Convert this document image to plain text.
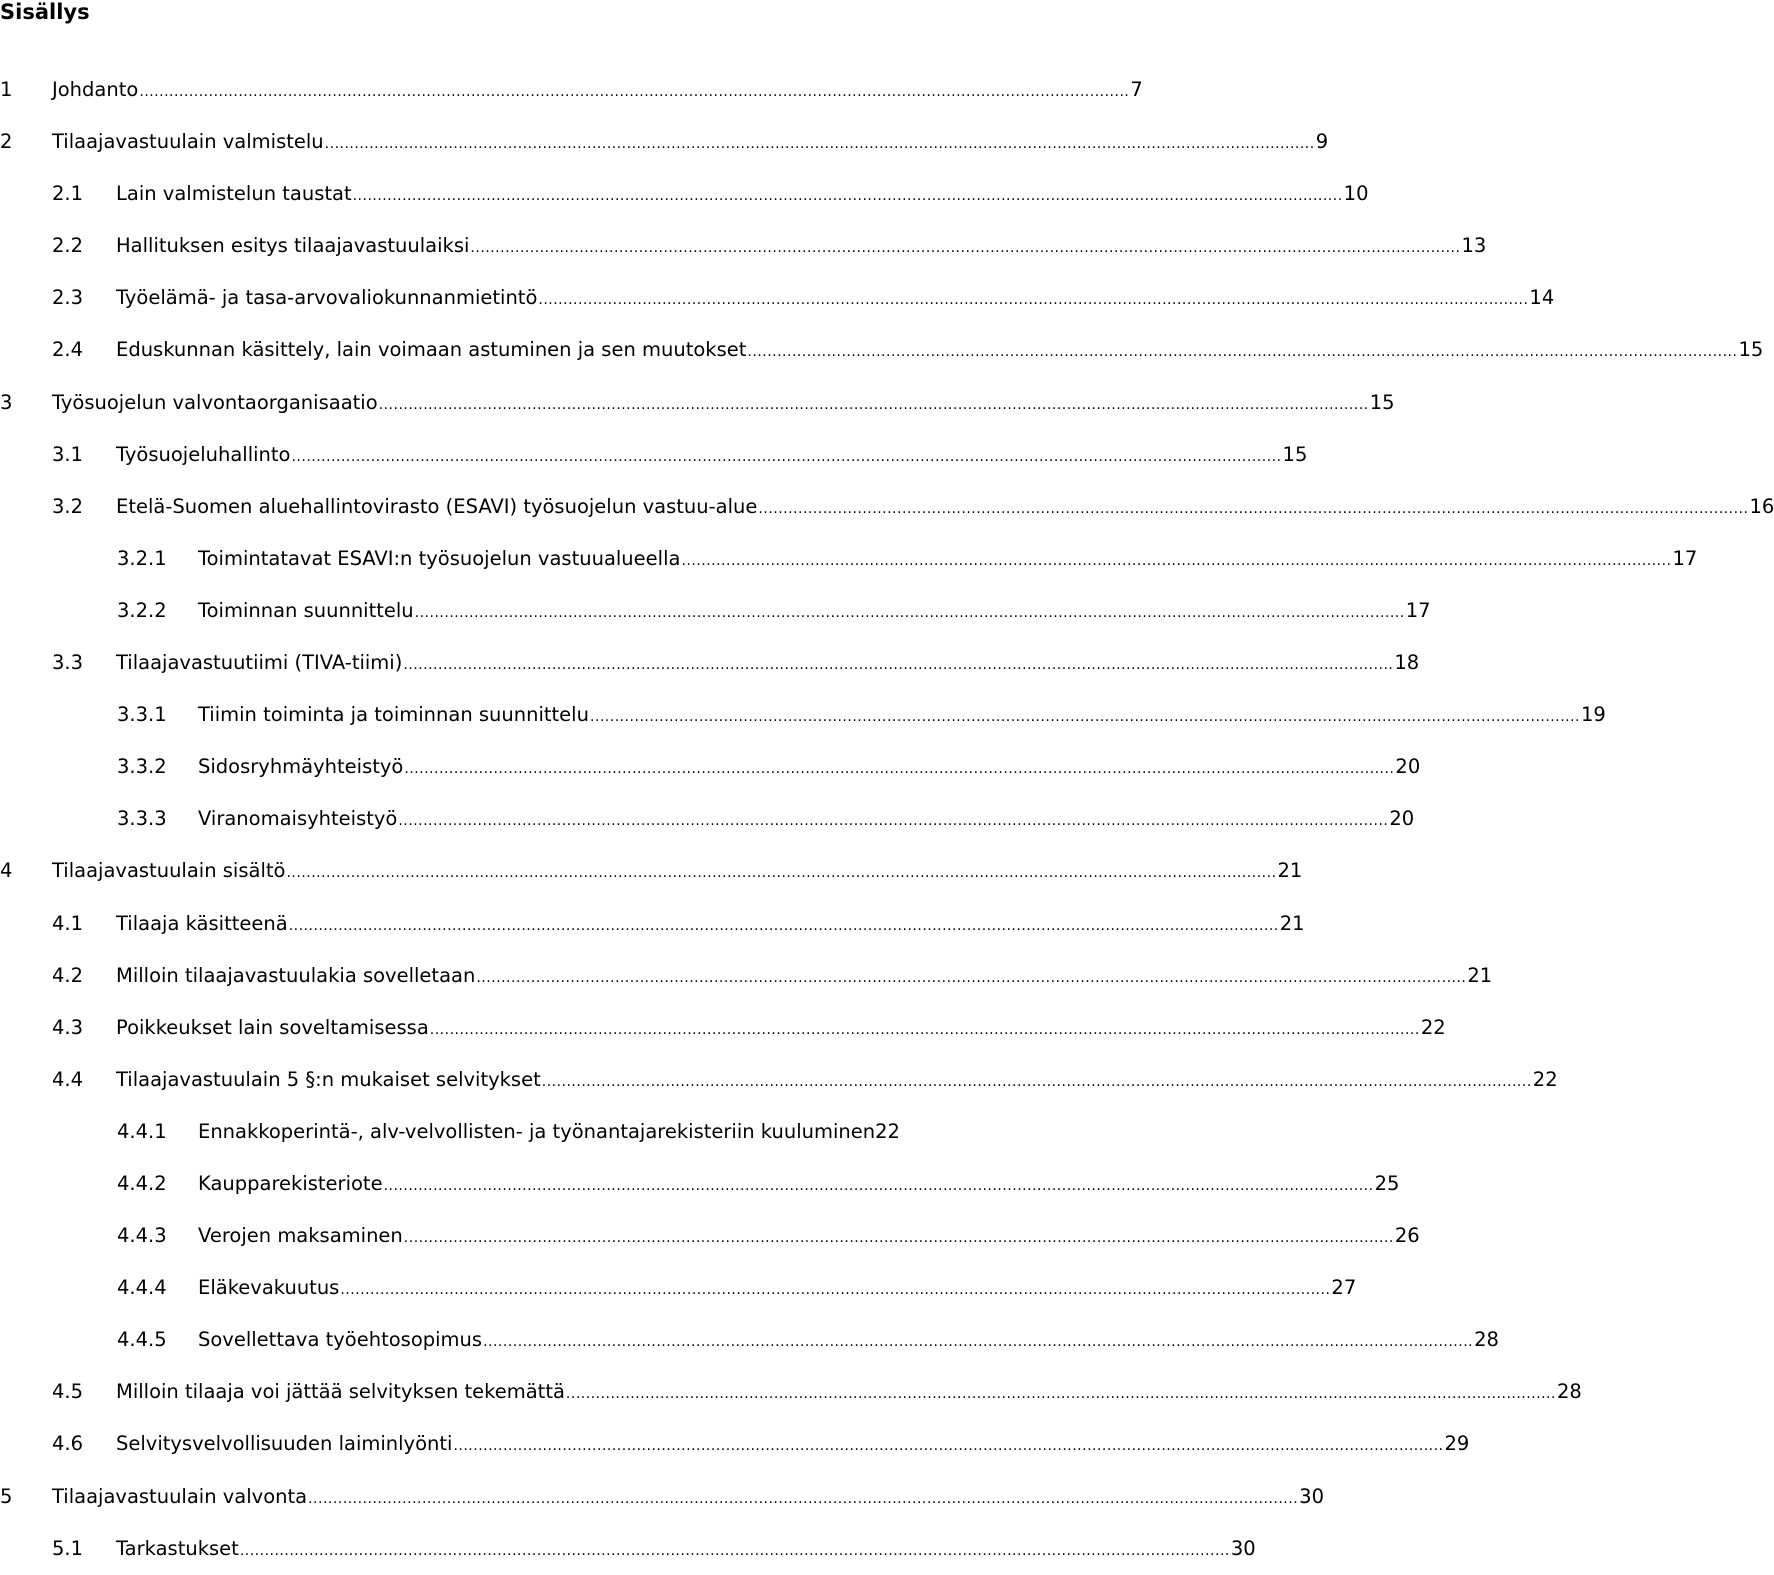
Sisällys
1 Johdanto ........................................................................................................................................................................................................ 7
2 Tilaajavastuulain valmistelu ........................................................................................................................................................................................................ 9
2.1 Lain valmistelun taustat ........................................................................................................................................................................................................ 10
2.2 Hallituksen esitys tilaajavastuulaiksi ........................................................................................................................................................................................................ 13
2.3 Työelämä- ja tasa-arvovaliokunnanmietintö ........................................................................................................................................................................................................ 14
2.4 Eduskunnan käsittely, lain voimaan astuminen ja sen muutokset ........................................................................................................................................................................................................ 15
3 Työsuojelun valvontaorganisaatio ........................................................................................................................................................................................................ 15
3.1 Työsuojeluhallinto ........................................................................................................................................................................................................ 15
3.2 Etelä-Suomen aluehallintovirasto (ESAVI) työsuojelun vastuu-alue ........................................................................................................................................................................................................ 16
3.2.1 Toimintatavat ESAVI:n työsuojelun vastuualueella ........................................................................................................................................................................................................ 17
3.2.2 Toiminnan suunnittelu ........................................................................................................................................................................................................ 17
3.3 Tilaajavastuutiimi (TIVA-tiimi) ........................................................................................................................................................................................................ 18
3.3.1 Tiimin toiminta ja toiminnan suunnittelu ........................................................................................................................................................................................................ 19
3.3.2 Sidosryhmäyhteistyö ........................................................................................................................................................................................................ 20
3.3.3 Viranomaisyhteistyö ........................................................................................................................................................................................................ 20
4 Tilaajavastuulain sisältö ........................................................................................................................................................................................................ 21
4.1 Tilaaja käsitteenä ........................................................................................................................................................................................................ 21
4.2 Milloin tilaajavastuulakia sovelletaan ........................................................................................................................................................................................................ 21
4.3 Poikkeukset lain soveltamisessa ........................................................................................................................................................................................................ 22
4.4 Tilaajavastuulain 5 §:n mukaiset selvitykset ........................................................................................................................................................................................................ 22
4.4.1 Ennakkoperintä-, alv-velvollisten- ja työnantajarekisteriin kuuluminen 22
4.4.2 Kaupparekisteriote ........................................................................................................................................................................................................ 25
4.4.3 Verojen maksaminen ........................................................................................................................................................................................................ 26
4.4.4 Eläkevakuutus ........................................................................................................................................................................................................ 27
4.4.5 Sovellettava työehtosopimus ........................................................................................................................................................................................................ 28
4.5 Milloin tilaaja voi jättää selvityksen tekemättä ........................................................................................................................................................................................................ 28
4.6 Selvitysvelvollisuuden laiminlyönti ........................................................................................................................................................................................................ 29
5 Tilaajavastuulain valvonta ........................................................................................................................................................................................................ 30
5.1 Tarkastukset ........................................................................................................................................................................................................ 30
